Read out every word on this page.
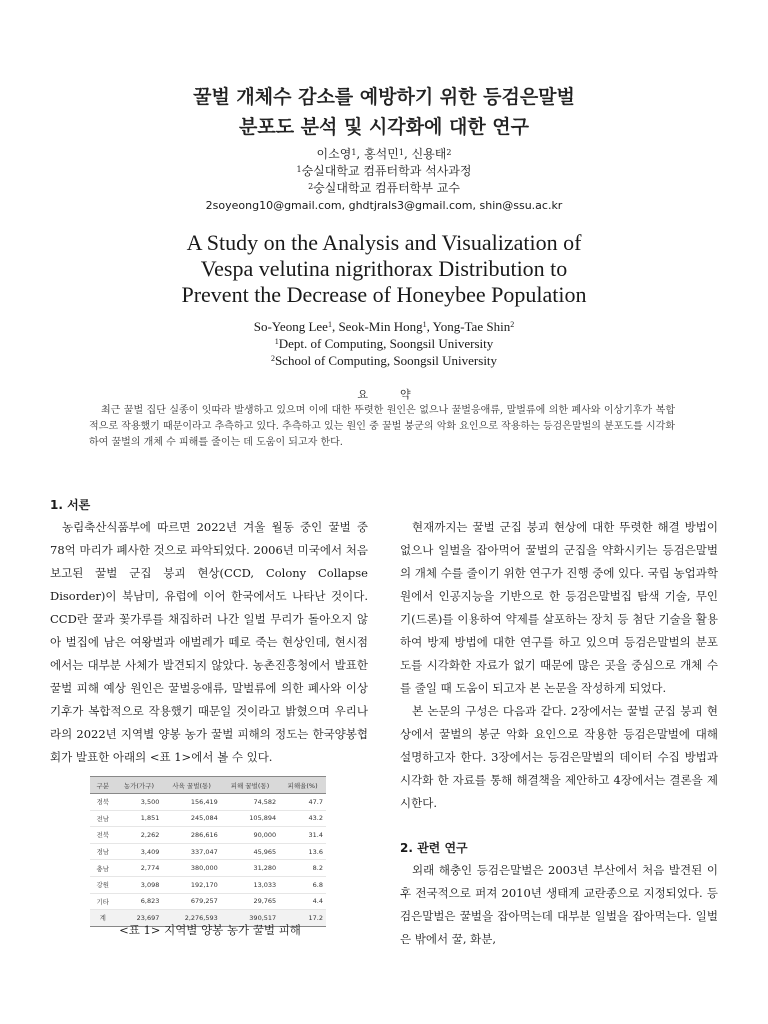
꿀벌 개체수 감소를 예방하기 위한 등검은말벌
분포도 분석 및 시각화에 대한 연구
이소영$^1$, 홍석민$^1$, 신용태$^2$
$^1$숭실대학교 컴퓨터학과 석사과정
$^2$숭실대학교 컴퓨터학부 교수
2soyeong10@gmail.com, ghdtjrals3@gmail.com, shin@ssu.ac.kr
A Study on the Analysis and Visualization of
Vespa velutina nigrithorax Distribution to
Prevent the Decrease of Honeybee Population
So-Yeong Lee$^1$, Seok-Min Hong$^1$, Yong-Tae Shin$^2$
$^1$Dept. of Computing, Soongsil University
$^2$School of Computing, Soongsil University
요	약
최근 꿀벌 집단 실종이 잇따라 발생하고 있으며 이에 대한 뚜렷한 원인은 없으나 꿀벌응애류, 말벌류에 의한 폐사와 이상기후가 복합적으로 작용했기 때문이라고 추측하고 있다. 추측하고 있는 원인 중 꿀벌 붕군의 악화 요인으로 작용하는 등검은말벌의 분포도를 시각화하여 꿀벌의 개체 수 피해를 줄이는 데 도움이 되고자 한다.
1. 서론

농림축산식품부에 따르면 2022년 겨울 월동 중인 꿀벌 중 78억 마리가 폐사한 것으로 파악되었다. 2006년 미국에서 처음 보고된 꿀벌 군집 붕괴 현상(CCD, Colony Collapse Disorder)이 북남미, 유럽에 이어 한국에서도 나타난 것이다. CCD란 꿀과 꽃가루를 채집하러 나간 일벌 무리가 돌아오지 않아 벌집에 남은 여왕벌과 애벌레가 떼로 죽는 현상인데, 현시점에서는 대부분 사체가 발견되지 않았다. 농촌진흥청에서 발표한 꿀벌 피해 예상 원인은 꿀벌응애류, 말벌류에 의한 폐사와 이상기후가 복합적으로 작용했기 때문일 것이라고 밝혔으며 우리나라의 2022년 지역별 양봉 농가 꿀벌 피해의 정도는 한국양봉협회가 발표한 아래의 <표 1>에서 볼 수 있다.

구분	농가(가구)	사육 꿀벌(통)	피해 꿀벌(통)	피해율(%)
경북	3,500	156,419	74,582	47.7
전남	1,851	245,084	105,894	43.2
전북	2,262	286,616	90,000	31.4
경남	3,409	337,047	45,965	13.6
충남	2,774	380,000	31,280	8.2
강원	3,098	192,170	13,033	6.8
기타	6,823	679,257	29,765	4.4
계	23,697	2,276,593	390,517	17.2
<표 1> 지역별 양봉 농가 꿀벌 피해

현재까지는 꿀벌 군집 붕괴 현상에 대한 뚜렷한 해결 방법이 없으나 일벌을 잡아먹어 꿀벌의 군집을 약화시키는 등검은말벌의 개체 수를 줄이기 위한 연구가 진행 중에 있다. 국립 농업과학원에서 인공지능을 기반으로 한 등검은말벌집 탐색 기술, 무인기(드론)를 이용하여 약제를 살포하는 장치 등 첨단 기술을 활용하여 방제 방법에 대한 연구를 하고 있으며 등검은말벌의 분포도를 시각화한 자료가 없기 때문에 많은 곳을 중심으로 개체 수를 줄일 때 도움이 되고자 본 논문을 작성하게 되었다.

본 논문의 구성은 다음과 같다. 2장에서는 꿀벌 군집 붕괴 현상에서 꿀벌의 봉군 악화 요인으로 작용한 등검은말벌에 대해 설명하고자 한다. 3장에서는 등검은말벌의 데이터 수집 방법과 시각화 한 자료를 통해 해결책을 제안하고 4장에서는 결론을 제시한다.

2. 관련 연구

외래 해충인 등검은말벌은 2003년 부산에서 처음 발견된 이후 전국적으로 퍼져 2010년 생태계 교란종으로 지정되었다. 등검은말벌은 꿀벌을 잡아먹는데 대부분 일벌을 잡아먹는다. 일벌은 밖에서 꿀, 화분,
